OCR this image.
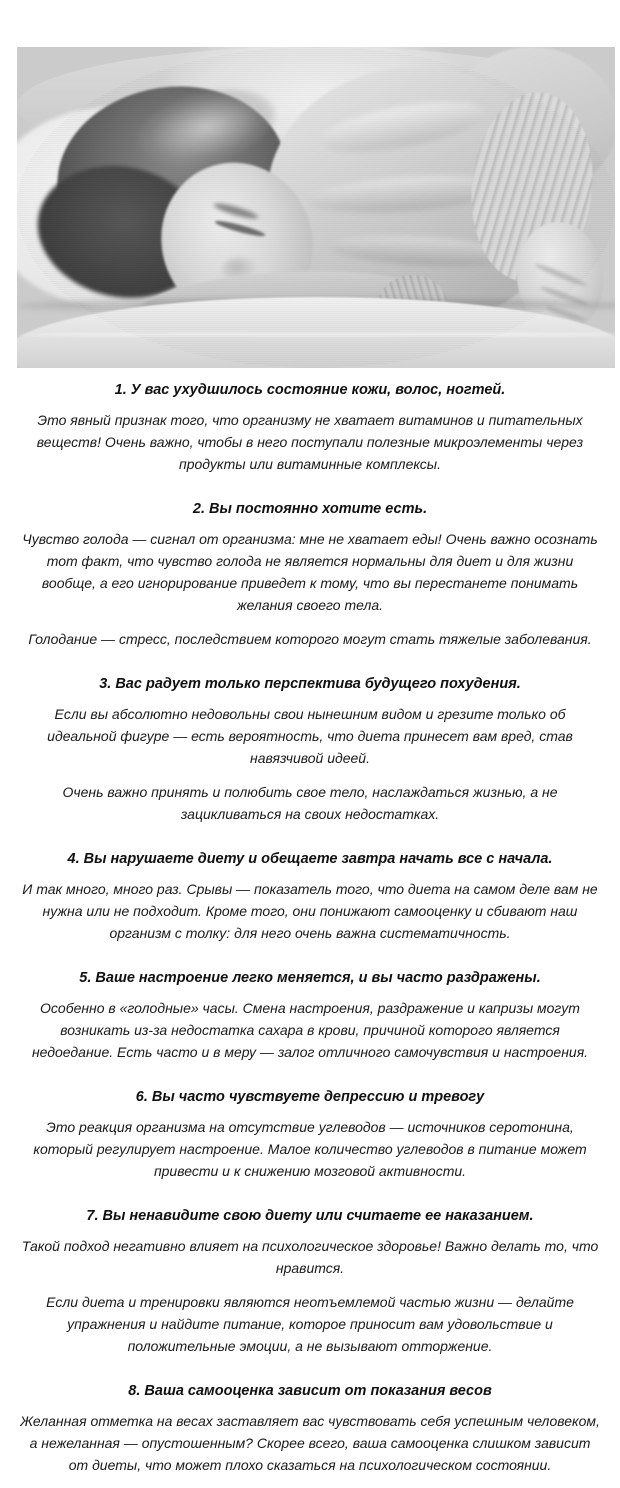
1. У вас ухудшилось состояние кожи, волос, ногтей.

Это явный признак того, что организму не хватает витаминов и питательных веществ! Очень важно, чтобы в него поступали полезные микроэлементы через продукты или витаминные комплексы.

2. Вы постоянно хотите есть.

Чувство голода — сигнал от организма: мне не хватает еды! Очень важно осознать тот факт, что чувство голода не является нормальны для диет и для жизни вообще, а его игнорирование приведет к тому, что вы перестанете понимать желания своего тела.

Голодание — стресс, последствием которого могут стать тяжелые заболевания.

3. Вас радует только перспектива будущего похудения.

Если вы абсолютно недовольны свои нынешним видом и грезите только об идеальной фигуре — есть вероятность, что диета принесет вам вред, став навязчивой идеей.

Очень важно принять и полюбить свое тело, наслаждаться жизнью, а не зацикливаться на своих недостатках.

4. Вы нарушаете диету и обещаете завтра начать все с начала.

И так много, много раз. Срывы — показатель того, что диета на самом деле вам не нужна или не подходит. Кроме того, они понижают самооценку и сбивают наш организм с толку: для него очень важна систематичность.

5. Ваше настроение легко меняется, и вы часто раздражены.

Особенно в «голодные» часы. Смена настроения, раздражение и капризы могут возникать из-за недостатка сахара в крови, причиной которого является недоедание. Есть часто и в меру — залог отличного самочувствия и настроения.

6. Вы часто чувствуете депрессию и тревогу

Это реакция организма на отсутствие углеводов — источников серотонина, который регулирует настроение. Малое количество углеводов в питание может привести и к снижению мозговой активности.

7. Вы ненавидите свою диету или считаете ее наказанием.

Такой подход негативно влияет на психологическое здоровье! Важно делать то, что нравится.

Если диета и тренировки являются неотъемлемой частью жизни — делайте упражнения и найдите питание, которое приносит вам удовольствие и положительные эмоции, а не вызывают отторжение.

8. Ваша самооценка зависит от показания весов

Желанная отметка на весах заставляет вас чувствовать себя успешным человеком, а нежеланная — опустошенным? Скорее всего, ваша самооценка слишком зависит от диеты, что может плохо сказаться на психологическом состоянии.
